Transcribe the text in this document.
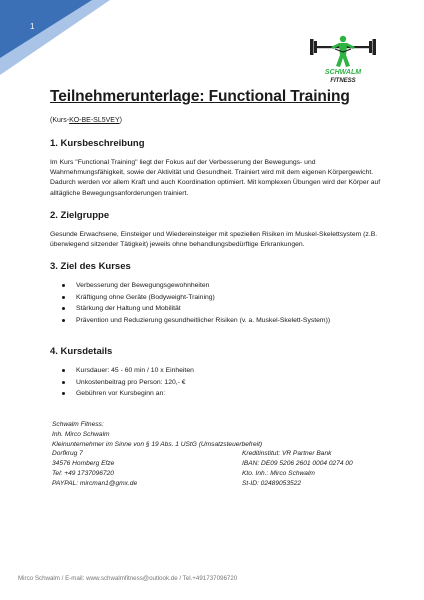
1
SCHWALM
FITNESS
Teilnehmerunterlage: Functional Training
(Kurs-KO-BE-SL5VEY)
1. Kursbeschreibung

Im Kurs "Functional Training" liegt der Fokus auf der Verbesserung der Bewegungs- und Wahrnehmungsfähigkeit, sowie der Aktivität und Gesundheit. Trainiert wird mit dem eigenen Körpergewicht. Dadurch werden vor allem Kraft und auch Koordination optimiert. Mit komplexen Übungen wird der Körper auf alltägliche Bewegungsanforderungen trainiert.

2. Zielgruppe

Gesunde Erwachsene, Einsteiger und Wiedereinsteiger mit speziellen Risiken im Muskel-Skelettsystem (z.B. überwiegend sitzender Tätigkeit) jeweils ohne behandlungsbedürftige Erkrankungen.

3. Ziel des Kurses
Verbesserung der Bewegungsgewohnheiten
Kräftigung ohne Geräte (Bodyweight-Training)
Stärkung der Haltung und Mobilität
Prävention und Reduzierung gesundheitlicher Risiken (v. a. Muskel-Skelett-System))
4. Kursdetails
Kursdauer: 45 - 60 min / 10 x Einheiten
Unkostenbeitrag pro Person: 120,- €
Gebühren vor Kursbeginn an:
Schwalm Fitness:
Inh. Mirco Schwalm
Kleinunternehmer im Sinne von § 19 Abs. 1 UStG (Umsatzsteuerbefreit)
Dorfkrug 7	Kreditinstitut: VR Partner Bank
34576 Homberg Efze	IBAN: DE09 5206 2601 0004 0274 00
Tel: +49 1737096720	Kto. Inh.: Mirco Schwalm
PAYPAL: mircman1@gmx.de	St-ID: 02489053522
Mirco Schwalm / E-mail: www.schwalmfitness@outlook.de / Tel.+491737096720
